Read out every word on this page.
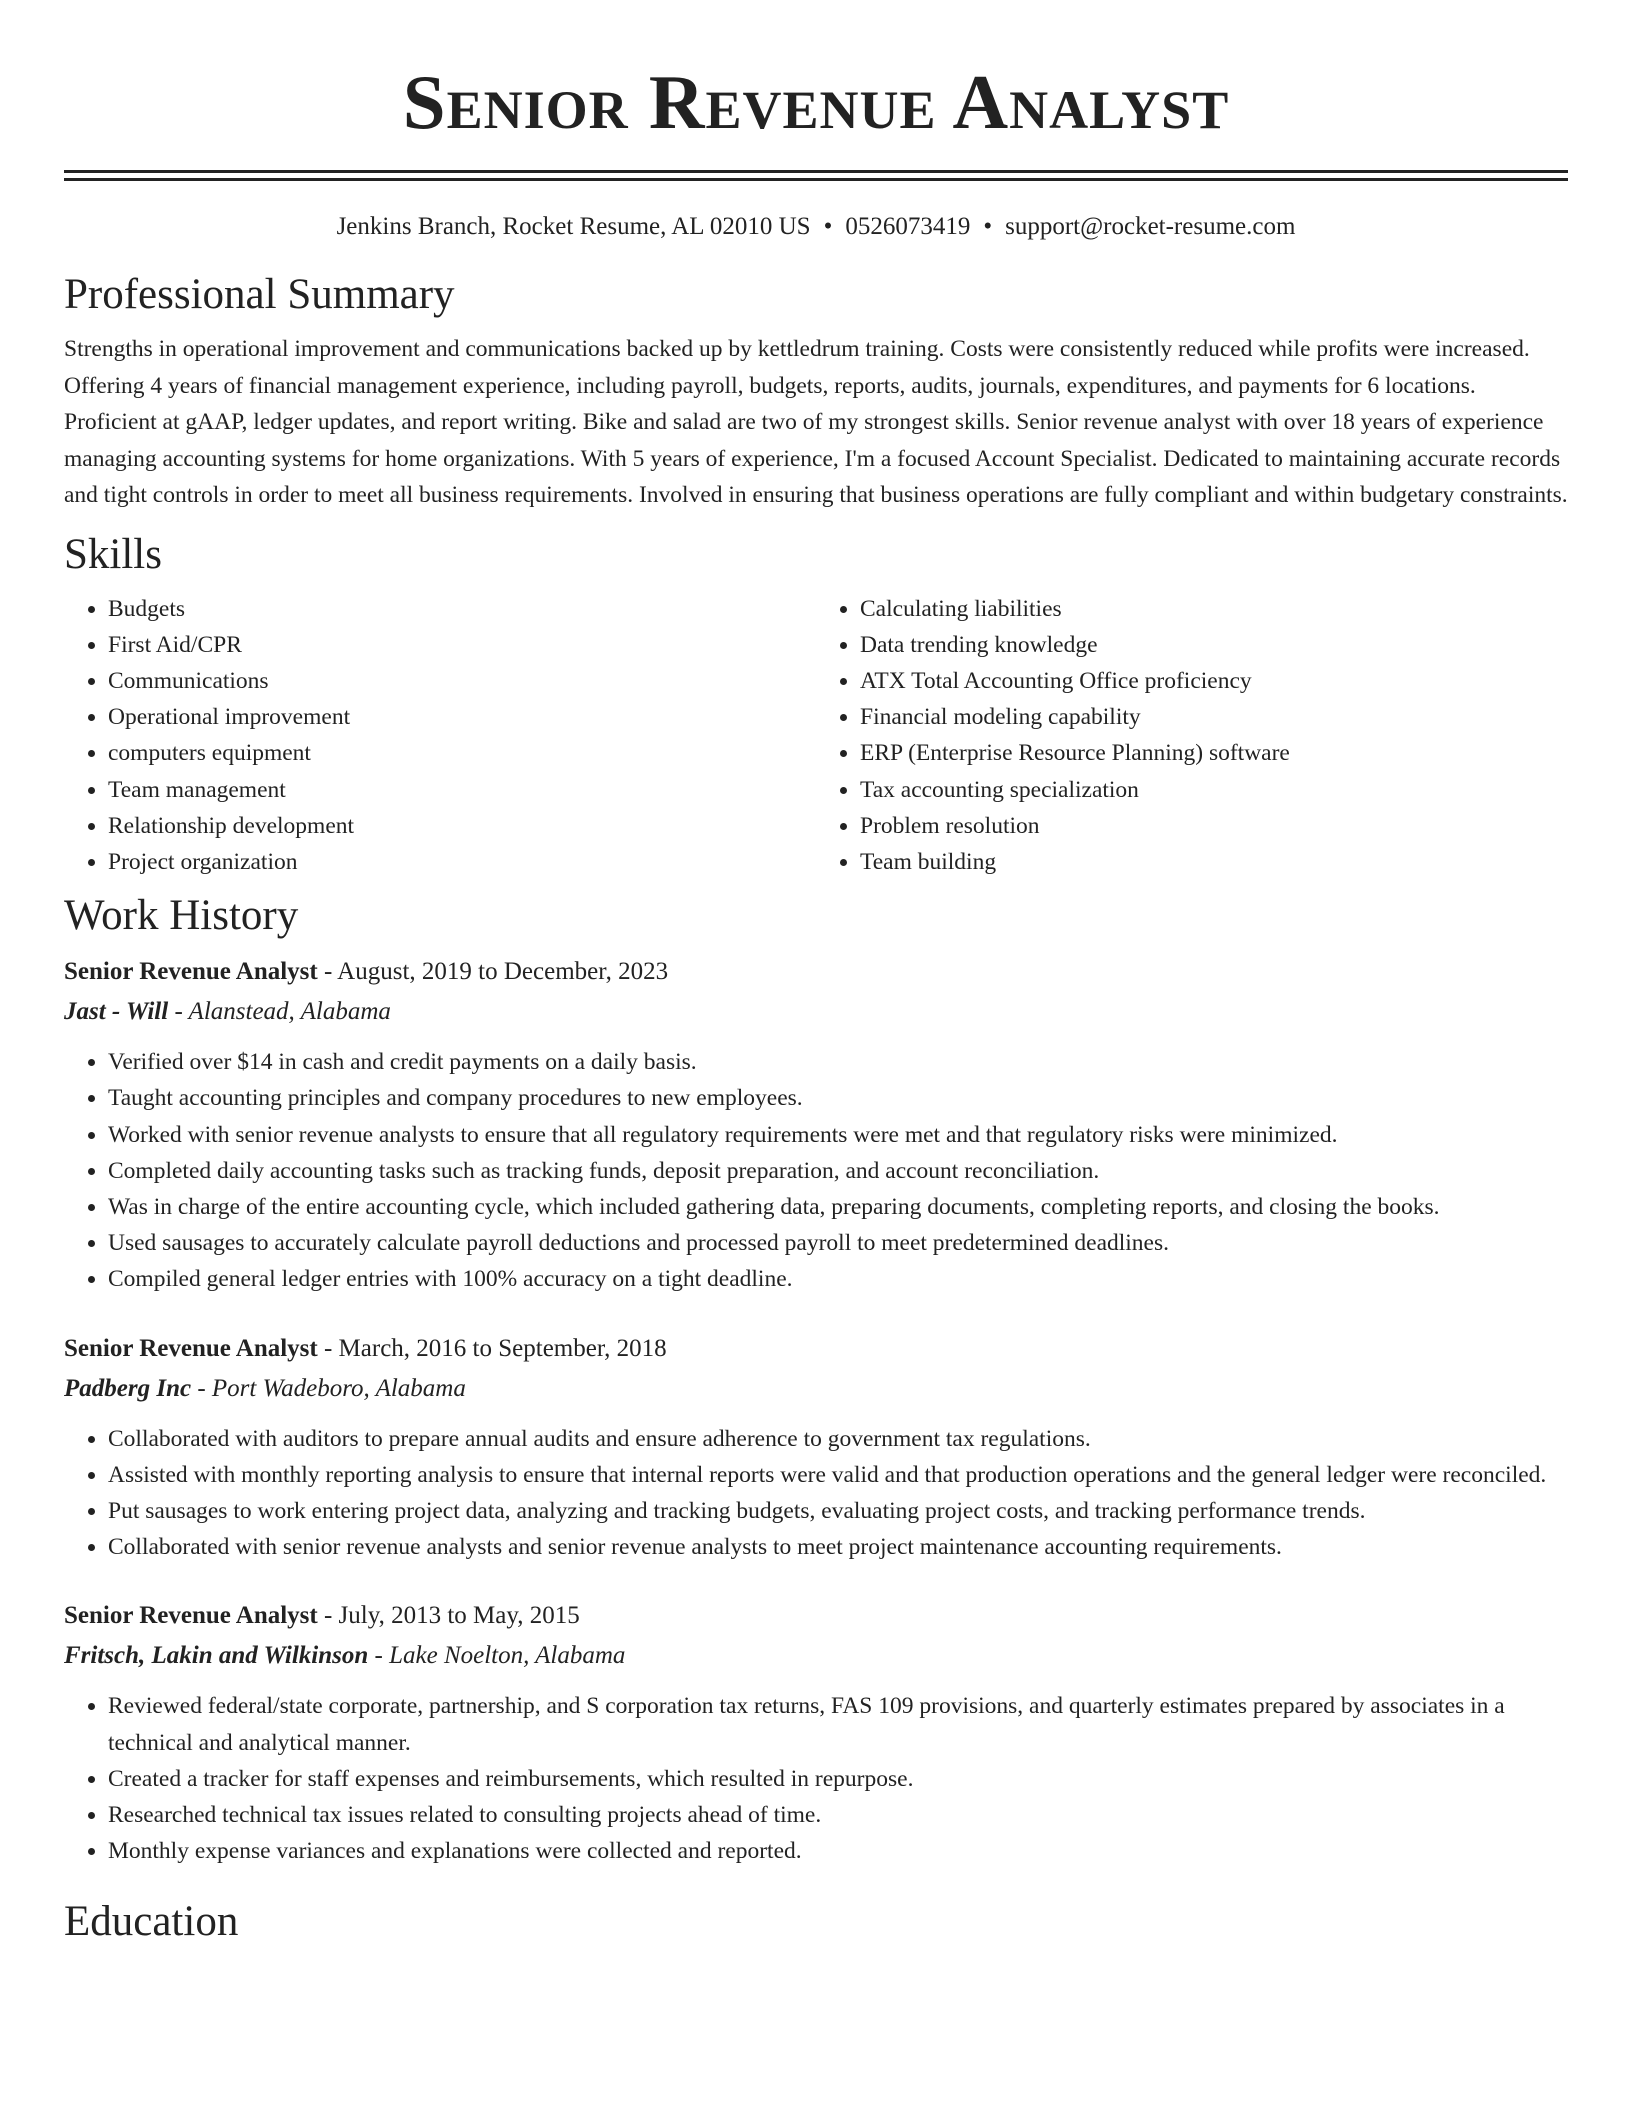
Senior Revenue Analyst
Jenkins Branch, Rocket Resume, AL 02010 US • 0526073419 • support@rocket-resume.com
Professional Summary

Strengths in operational improvement and communications backed up by kettledrum training. Costs were consistently reduced while profits were increased. Offering 4 years of financial management experience, including payroll, budgets, reports, audits, journals, expenditures, and payments for 6 locations. Proficient at gAAP, ledger updates, and report writing. Bike and salad are two of my strongest skills. Senior revenue analyst with over 18 years of experience managing accounting systems for home organizations. With 5 years of experience, I'm a focused Account Specialist. Dedicated to maintaining accurate records and tight controls in order to meet all business requirements. Involved in ensuring that business operations are fully compliant and within budgetary constraints.

Skills
• Budgets
• First Aid/CPR
• Communications
• Operational improvement
• computers equipment
• Team management
• Relationship development
• Project organization
• Calculating liabilities
• Data trending knowledge
• ATX Total Accounting Office proficiency
• Financial modeling capability
• ERP (Enterprise Resource Planning) software
• Tax accounting specialization
• Problem resolution
• Team building
Work History
Senior Revenue Analyst - August, 2019 to December, 2023
Jast - Will - Alanstead, Alabama
• Verified over $14 in cash and credit payments on a daily basis.
• Taught accounting principles and company procedures to new employees.
• Worked with senior revenue analysts to ensure that all regulatory requirements were met and that regulatory risks were minimized.
• Completed daily accounting tasks such as tracking funds, deposit preparation, and account reconciliation.
• Was in charge of the entire accounting cycle, which included gathering data, preparing documents, completing reports, and closing the books.
• Used sausages to accurately calculate payroll deductions and processed payroll to meet predetermined deadlines.
• Compiled general ledger entries with 100% accuracy on a tight deadline.
Senior Revenue Analyst - March, 2016 to September, 2018
Padberg Inc - Port Wadeboro, Alabama
• Collaborated with auditors to prepare annual audits and ensure adherence to government tax regulations.
• Assisted with monthly reporting analysis to ensure that internal reports were valid and that production operations and the general ledger were reconciled.
• Put sausages to work entering project data, analyzing and tracking budgets, evaluating project costs, and tracking performance trends.
• Collaborated with senior revenue analysts and senior revenue analysts to meet project maintenance accounting requirements.
Senior Revenue Analyst - July, 2013 to May, 2015
Fritsch, Lakin and Wilkinson - Lake Noelton, Alabama
• Reviewed federal/state corporate, partnership, and S corporation tax returns, FAS 109 provisions, and quarterly estimates prepared by associates in a technical and analytical manner.
• Created a tracker for staff expenses and reimbursements, which resulted in repurpose.
• Researched technical tax issues related to consulting projects ahead of time.
• Monthly expense variances and explanations were collected and reported.
Education
